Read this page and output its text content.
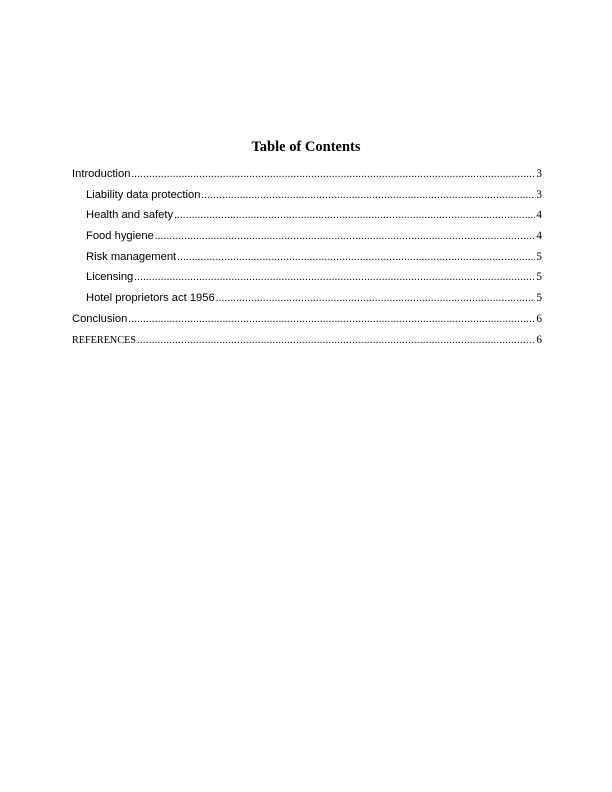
Table of Contents
Introduction .....	3
Liability data protection .....	3
Health and safety .....	4
Food hygiene .....	4
Risk management .....	5
Licensing .....	5
Hotel proprietors act 1956 .....	5
Conclusion .....	6
REFERENCES .....	6
